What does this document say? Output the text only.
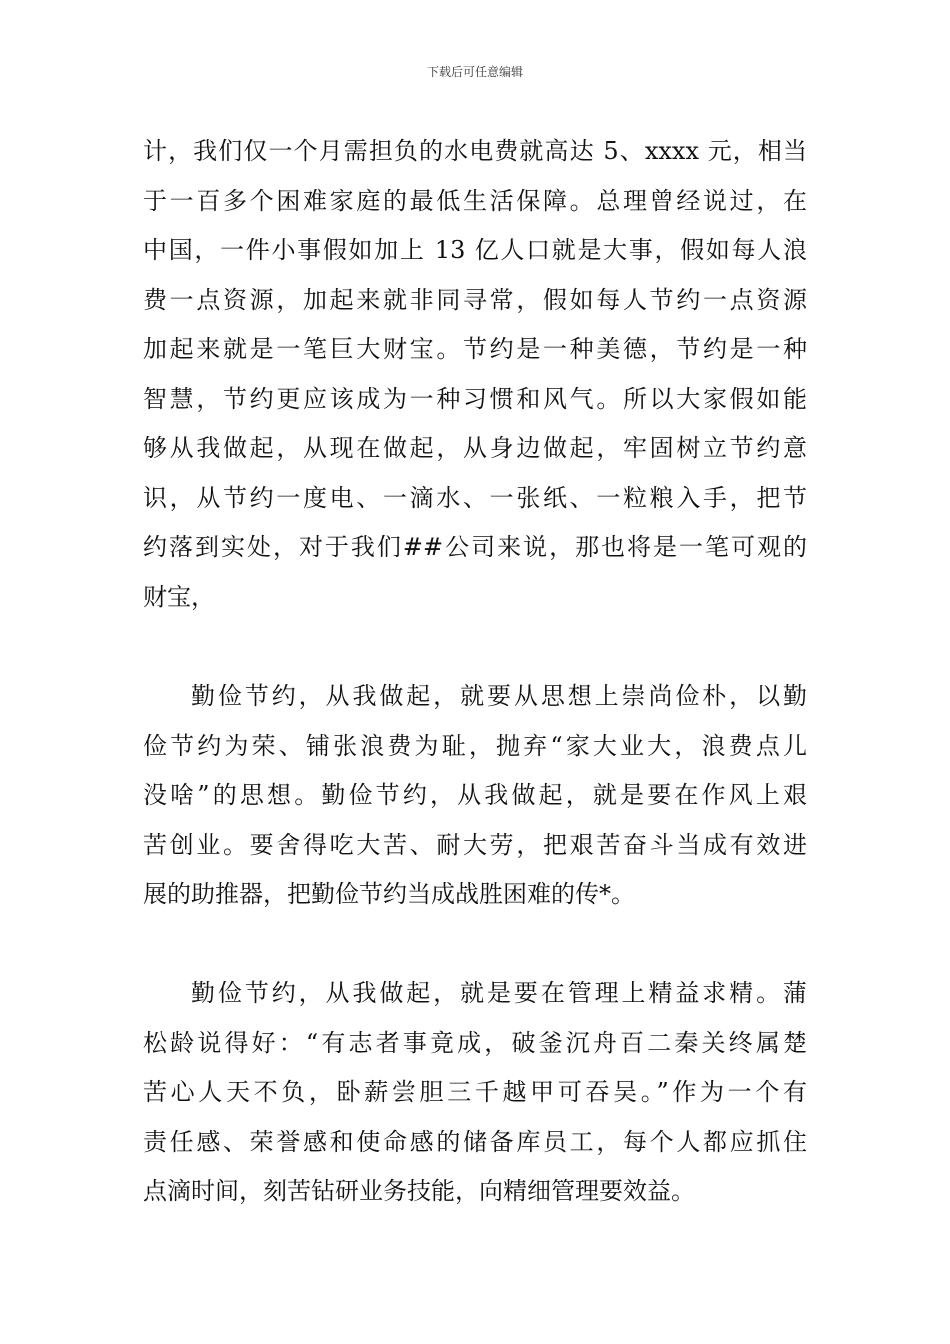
下载后可任意编辑
计，我们仅一个月需担负的水电费就高达 5、xxxx 元，相当
于一百多个困难家庭的最低生活保障。总理曾经说过，在
中国，一件小事假如加上 13 亿人口就是大事，假如每人浪
费一点资源，加起来就非同寻常，假如每人节约一点资源
加起来就是一笔巨大财宝。节约是一种美德，节约是一种
智慧，节约更应该成为一种习惯和风气。所以大家假如能
够从我做起，从现在做起，从身边做起，牢固树立节约意
识，从节约一度电、一滴水、一张纸、一粒粮入手，把节
约落到实处，对于我们##公司来说，那也将是一笔可观的
财宝，
勤俭节约，从我做起，就要从思想上崇尚俭朴，以勤
俭节约为荣、铺张浪费为耻，抛弃“家大业大，浪费点儿
没啥”的思想。勤俭节约，从我做起，就是要在作风上艰
苦创业。要舍得吃大苦、耐大劳，把艰苦奋斗当成有效进
展的助推器，把勤俭节约当成战胜困难的传*。
勤俭节约，从我做起，就是要在管理上精益求精。蒲
松龄说得好：“有志者事竟成，破釜沉舟百二秦关终属楚
苦心人天不负，卧薪尝胆三千越甲可吞吴。”作为一个有
责任感、荣誉感和使命感的储备库员工，每个人都应抓住
点滴时间，刻苦钻研业务技能，向精细管理要效益。
